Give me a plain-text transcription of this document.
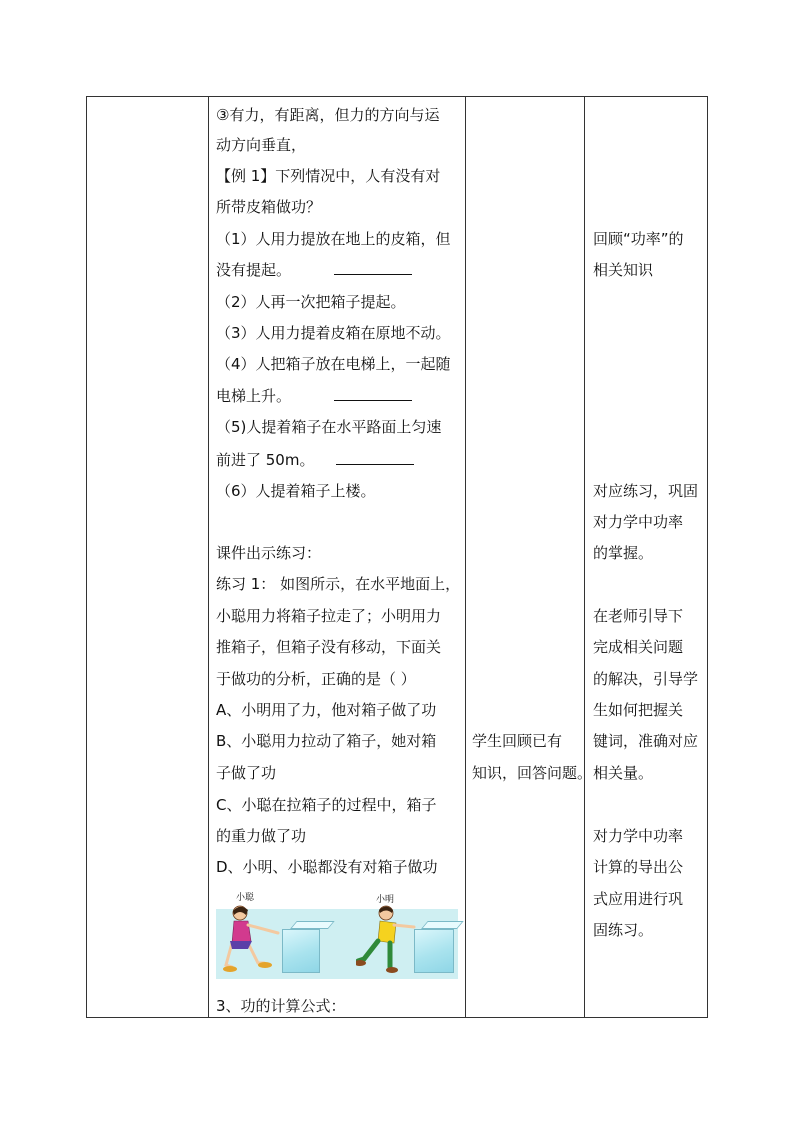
③有力，有距离，但力的方向与运
动方向垂直，
【例 1】下列情况中，人有没有对
所带皮箱做功？
（1）人用力提放在地上的皮箱，但
没有提起。
（2）人再一次把箱子提起。
（3）人用力提着皮箱在原地不动。
（4）人把箱子放在电梯上，一起随
电梯上升。
（5)人提着箱子在水平路面上匀速
前进了 50m。
（6）人提着箱子上楼。
课件出示练习：
练习 1： 如图所示，在水平地面上，
小聪用力将箱子拉走了；小明用力
推箱子，但箱子没有移动，下面关
于做功的分析，正确的是（ ）
A、小明用了力，他对箱子做了功
B、小聪用力拉动了箱子，她对箱
子做了功
C、小聪在拉箱子的过程中，箱子
的重力做了功
D、小明、小聪都没有对箱子做功
小聪	小明
3、功的计算公式：
学生回顾已有
知识，回答问题。
回顾“功率”的
相关知识
对应练习，巩固
对力学中功率
的掌握。
在老师引导下
完成相关问题
的解决，引导学
生如何把握关
键词，准确对应
相关量。
对力学中功率
计算的导出公
式应用进行巩
固练习。
